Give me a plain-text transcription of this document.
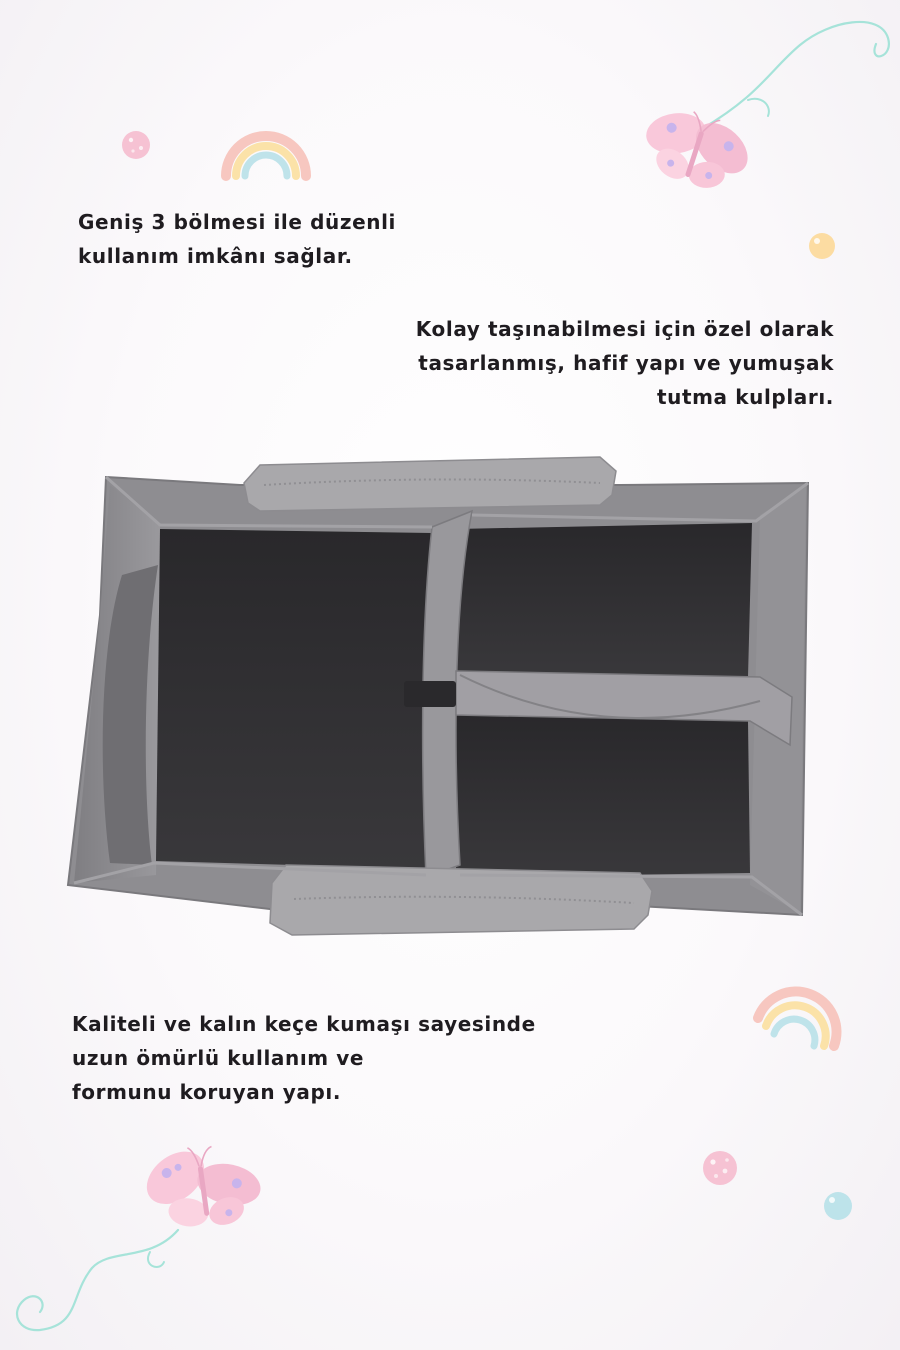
Geniş 3 bölmesi ile düzenli
kullanım imkânı sağlar.

Kolay taşınabilmesi için özel olarak
tasarlanmış, hafif yapı ve yumuşak
tutma kulpları.

Kaliteli ve kalın keçe kumaşı sayesinde
uzun ömürlü kullanım ve
formunu koruyan yapı.
